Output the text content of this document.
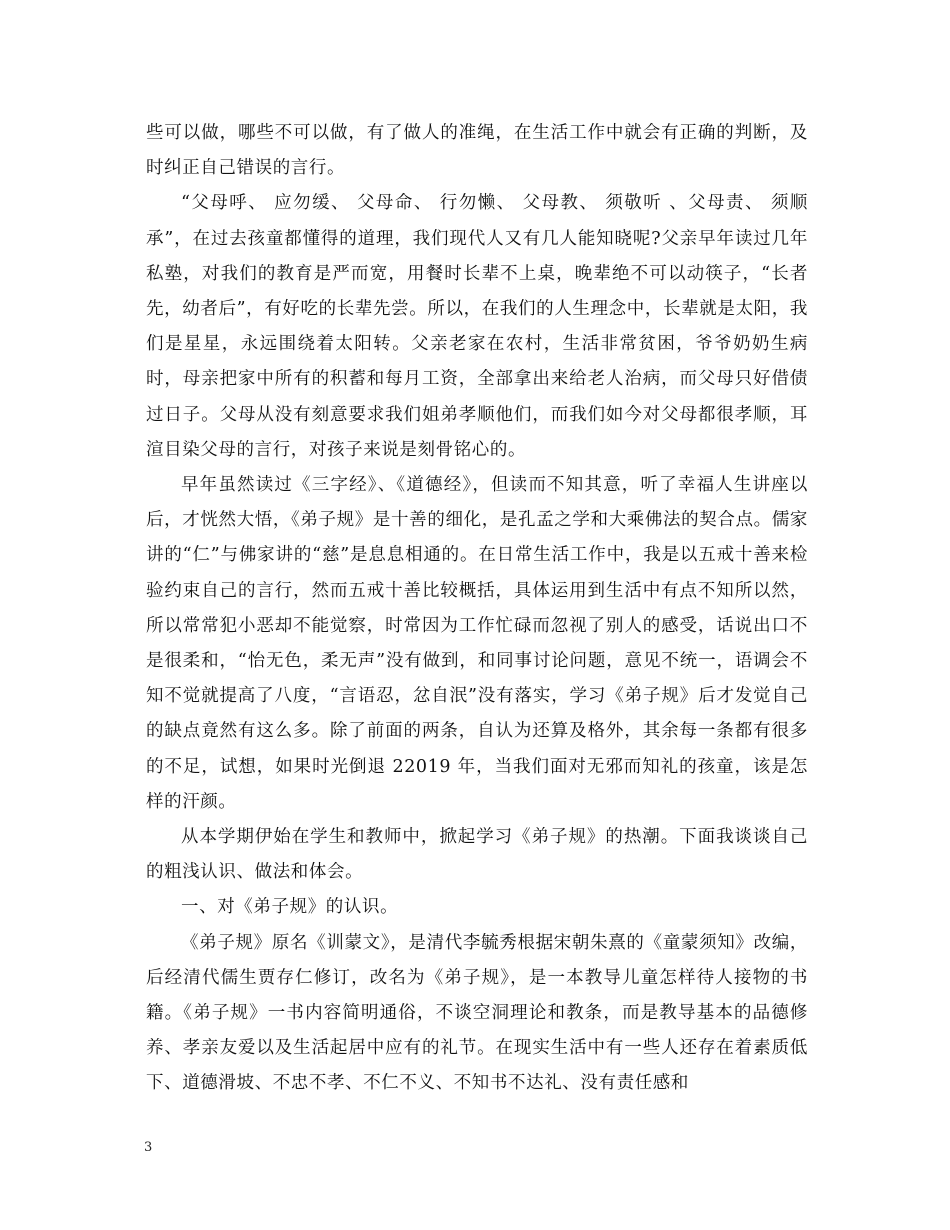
些可以做，哪些不可以做，有了做人的准绳，在生活工作中就会有正确的判断，及时纠正自己错误的言行。

“父母呼、 应勿缓、 父母命、 行勿懒、 父母教、 须敬听 、父母责、 须顺承”，在过去孩童都懂得的道理，我们现代人又有几人能知晓呢?父亲早年读过几年私塾，对我们的教育是严而宽，用餐时长辈不上桌，晚辈绝不可以动筷子，“长者先，幼者后”，有好吃的长辈先尝。所以，在我们的人生理念中，长辈就是太阳，我们是星星，永远围绕着太阳转。父亲老家在农村，生活非常贫困，爷爷奶奶生病时，母亲把家中所有的积蓄和每月工资，全部拿出来给老人治病，而父母只好借债过日子。父母从没有刻意要求我们姐弟孝顺他们，而我们如今对父母都很孝顺，耳渲目染父母的言行，对孩子来说是刻骨铭心的。

早年虽然读过《三字经》、《道德经》，但读而不知其意，听了幸福人生讲座以后，才恍然大悟，《弟子规》是十善的细化，是孔孟之学和大乘佛法的契合点。儒家讲的“仁”与佛家讲的“慈”是息息相通的。在日常生活工作中，我是以五戒十善来检验约束自己的言行，然而五戒十善比较概括，具体运用到生活中有点不知所以然，所以常常犯小恶却不能觉察，时常因为工作忙碌而忽视了别人的感受，话说出口不是很柔和，“怡无色，柔无声”没有做到，和同事讨论问题，意见不统一，语调会不知不觉就提高了八度，“言语忍，忿自泯”没有落实，学习《弟子规》后才发觉自己的缺点竟然有这么多。除了前面的两条，自认为还算及格外，其余每一条都有很多的不足，试想，如果时光倒退 22019 年，当我们面对无邪而知礼的孩童，该是怎样的汗颜。

从本学期伊始在学生和教师中，掀起学习《弟子规》的热潮。下面我谈谈自己的粗浅认识、做法和体会。

一、对《弟子规》的认识。

《弟子规》原名《训蒙文》，是清代李毓秀根据宋朝朱熹的《童蒙须知》改编，后经清代儒生贾存仁修订，改名为《弟子规》，是一本教导儿童怎样待人接物的书籍。《弟子规》一书内容简明通俗，不谈空洞理论和教条，而是教导基本的品德修养、孝亲友爱以及生活起居中应有的礼节。在现实生活中有一些人还存在着素质低下、道德滑坡、不忠不孝、不仁不义、不知书不达礼、没有责任感和

3
